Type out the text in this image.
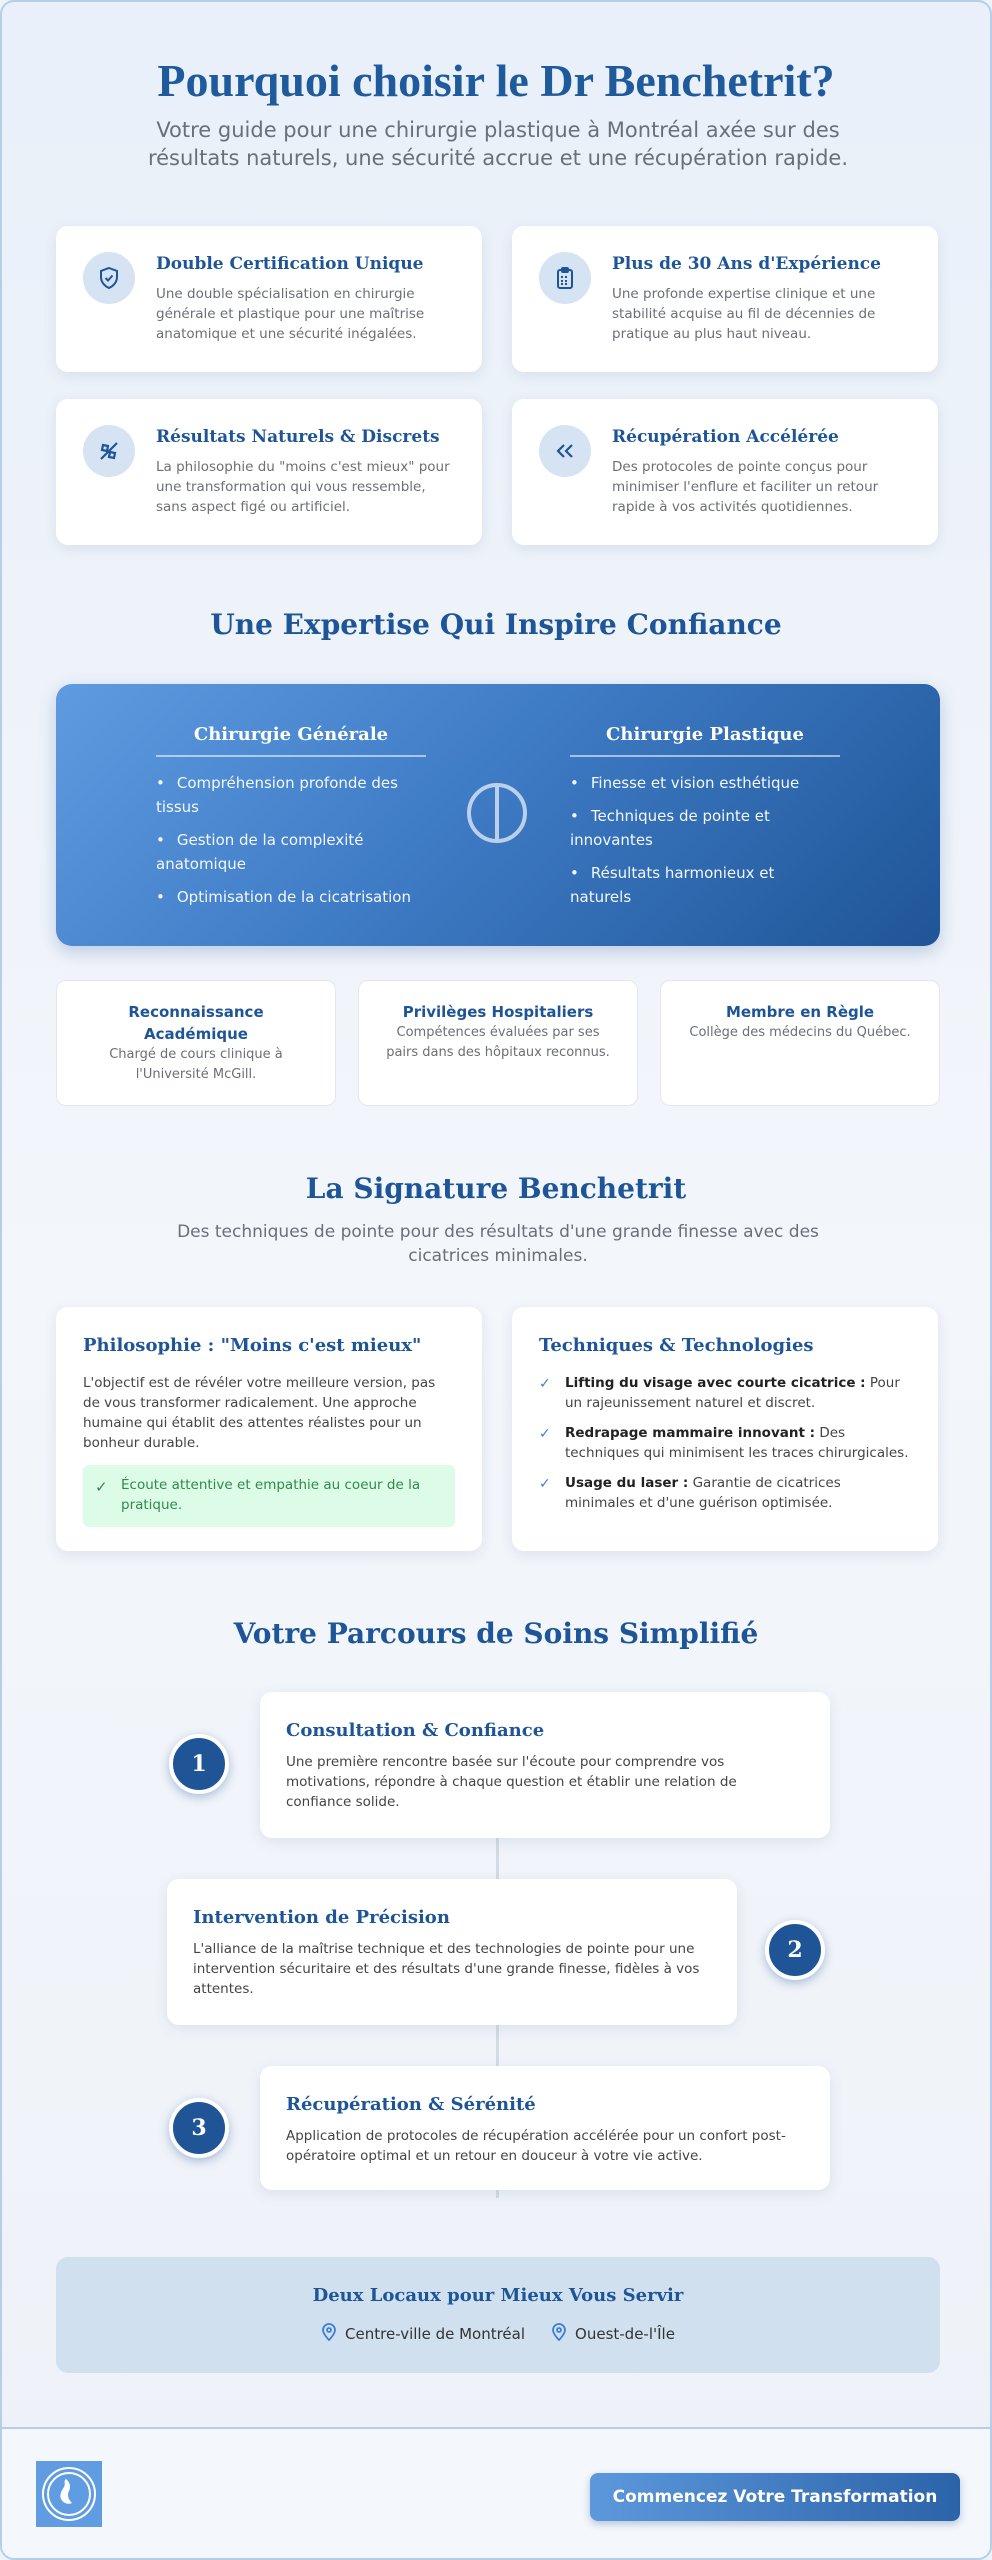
Pourquoi choisir le Dr Benchetrit?

Votre guide pour une chirurgie plastique à Montréal axée sur des résultats naturels, une sécurité accrue et une récupération rapide.

Double Certification Unique
Une double spécialisation en chirurgie générale et plastique pour une maîtrise anatomique et une sécurité inégalées.
Plus de 30 Ans d'Expérience
Une profonde expertise clinique et une stabilité acquise au fil de décennies de pratique au plus haut niveau.
Résultats Naturels & Discrets
La philosophie du "moins c'est mieux" pour une transformation qui vous ressemble, sans aspect figé ou artificiel.
Récupération Accélérée
Des protocoles de pointe conçus pour minimiser l'enflure et faciliter un retour rapide à vos activités quotidiennes.
Une Expertise Qui Inspire Confiance
Chirurgie Générale
• Compréhension profonde des tissus
• Gestion de la complexité anatomique
• Optimisation de la cicatrisation
Chirurgie Plastique
• Finesse et vision esthétique
• Techniques de pointe et innovantes
• Résultats harmonieux et naturels
Reconnaissance Académique
Chargé de cours clinique à l'Université McGill.
Privilèges Hospitaliers
Compétences évaluées par ses pairs dans des hôpitaux reconnus.
Membre en Règle
Collège des médecins du Québec.
La Signature Benchetrit

Des techniques de pointe pour des résultats d'une grande finesse avec des cicatrices minimales.

Philosophie : "Moins c'est mieux"
L'objectif est de révéler votre meilleure version, pas de vous transformer radicalement. Une approche humaine qui établit des attentes réalistes pour un bonheur durable.
✓ Écoute attentive et empathie au coeur de la pratique.
Techniques & Technologies
✓ Lifting du visage avec courte cicatrice : Pour un rajeunissement naturel et discret.
✓ Redrapage mammaire innovant : Des techniques qui minimisent les traces chirurgicales.
✓ Usage du laser : Garantie de cicatrices minimales et d'une guérison optimisée.
Votre Parcours de Soins Simplifié
1
Consultation & Confiance
Une première rencontre basée sur l'écoute pour comprendre vos motivations, répondre à chaque question et établir une relation de confiance solide.
Intervention de Précision
L'alliance de la maîtrise technique et des technologies de pointe pour une intervention sécuritaire et des résultats d'une grande finesse, fidèles à vos attentes.
2
3
Récupération & Sérénité
Application de protocoles de récupération accélérée pour un confort post-opératoire optimal et un retour en douceur à votre vie active.
Deux Locaux pour Mieux Vous Servir
Centre-ville de Montréal	Ouest-de-l'Île
Commencez Votre Transformation
